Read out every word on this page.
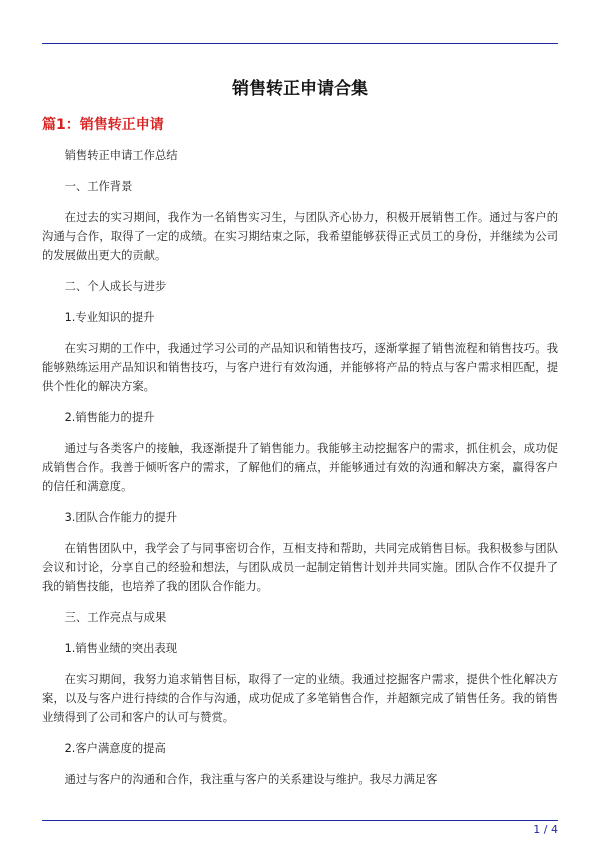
销售转正申请合集
篇1：销售转正申请

销售转正申请工作总结

一、工作背景

在过去的实习期间，我作为一名销售实习生，与团队齐心协力，积极开展销售工作。通过与客户的沟通与合作，取得了一定的成绩。在实习期结束之际，我希望能够获得正式员工的身份，并继续为公司的发展做出更大的贡献。

二、个人成长与进步

1.专业知识的提升

在实习期的工作中，我通过学习公司的产品知识和销售技巧，逐渐掌握了销售流程和销售技巧。我能够熟练运用产品知识和销售技巧，与客户进行有效沟通，并能够将产品的特点与客户需求相匹配，提供个性化的解决方案。

2.销售能力的提升

通过与各类客户的接触，我逐渐提升了销售能力。我能够主动挖掘客户的需求，抓住机会，成功促成销售合作。我善于倾听客户的需求，了解他们的痛点，并能够通过有效的沟通和解决方案，赢得客户的信任和满意度。

3.团队合作能力的提升

在销售团队中，我学会了与同事密切合作，互相支持和帮助，共同完成销售目标。我积极参与团队会议和讨论，分享自己的经验和想法，与团队成员一起制定销售计划并共同实施。团队合作不仅提升了我的销售技能，也培养了我的团队合作能力。

三、工作亮点与成果

1.销售业绩的突出表现

在实习期间，我努力追求销售目标，取得了一定的业绩。我通过挖掘客户需求，提供个性化解决方案，以及与客户进行持续的合作与沟通，成功促成了多笔销售合作，并超额完成了销售任务。我的销售业绩得到了公司和客户的认可与赞赏。

2.客户满意度的提高

通过与客户的沟通和合作，我注重与客户的关系建设与维护。我尽力满足客

1 / 4
